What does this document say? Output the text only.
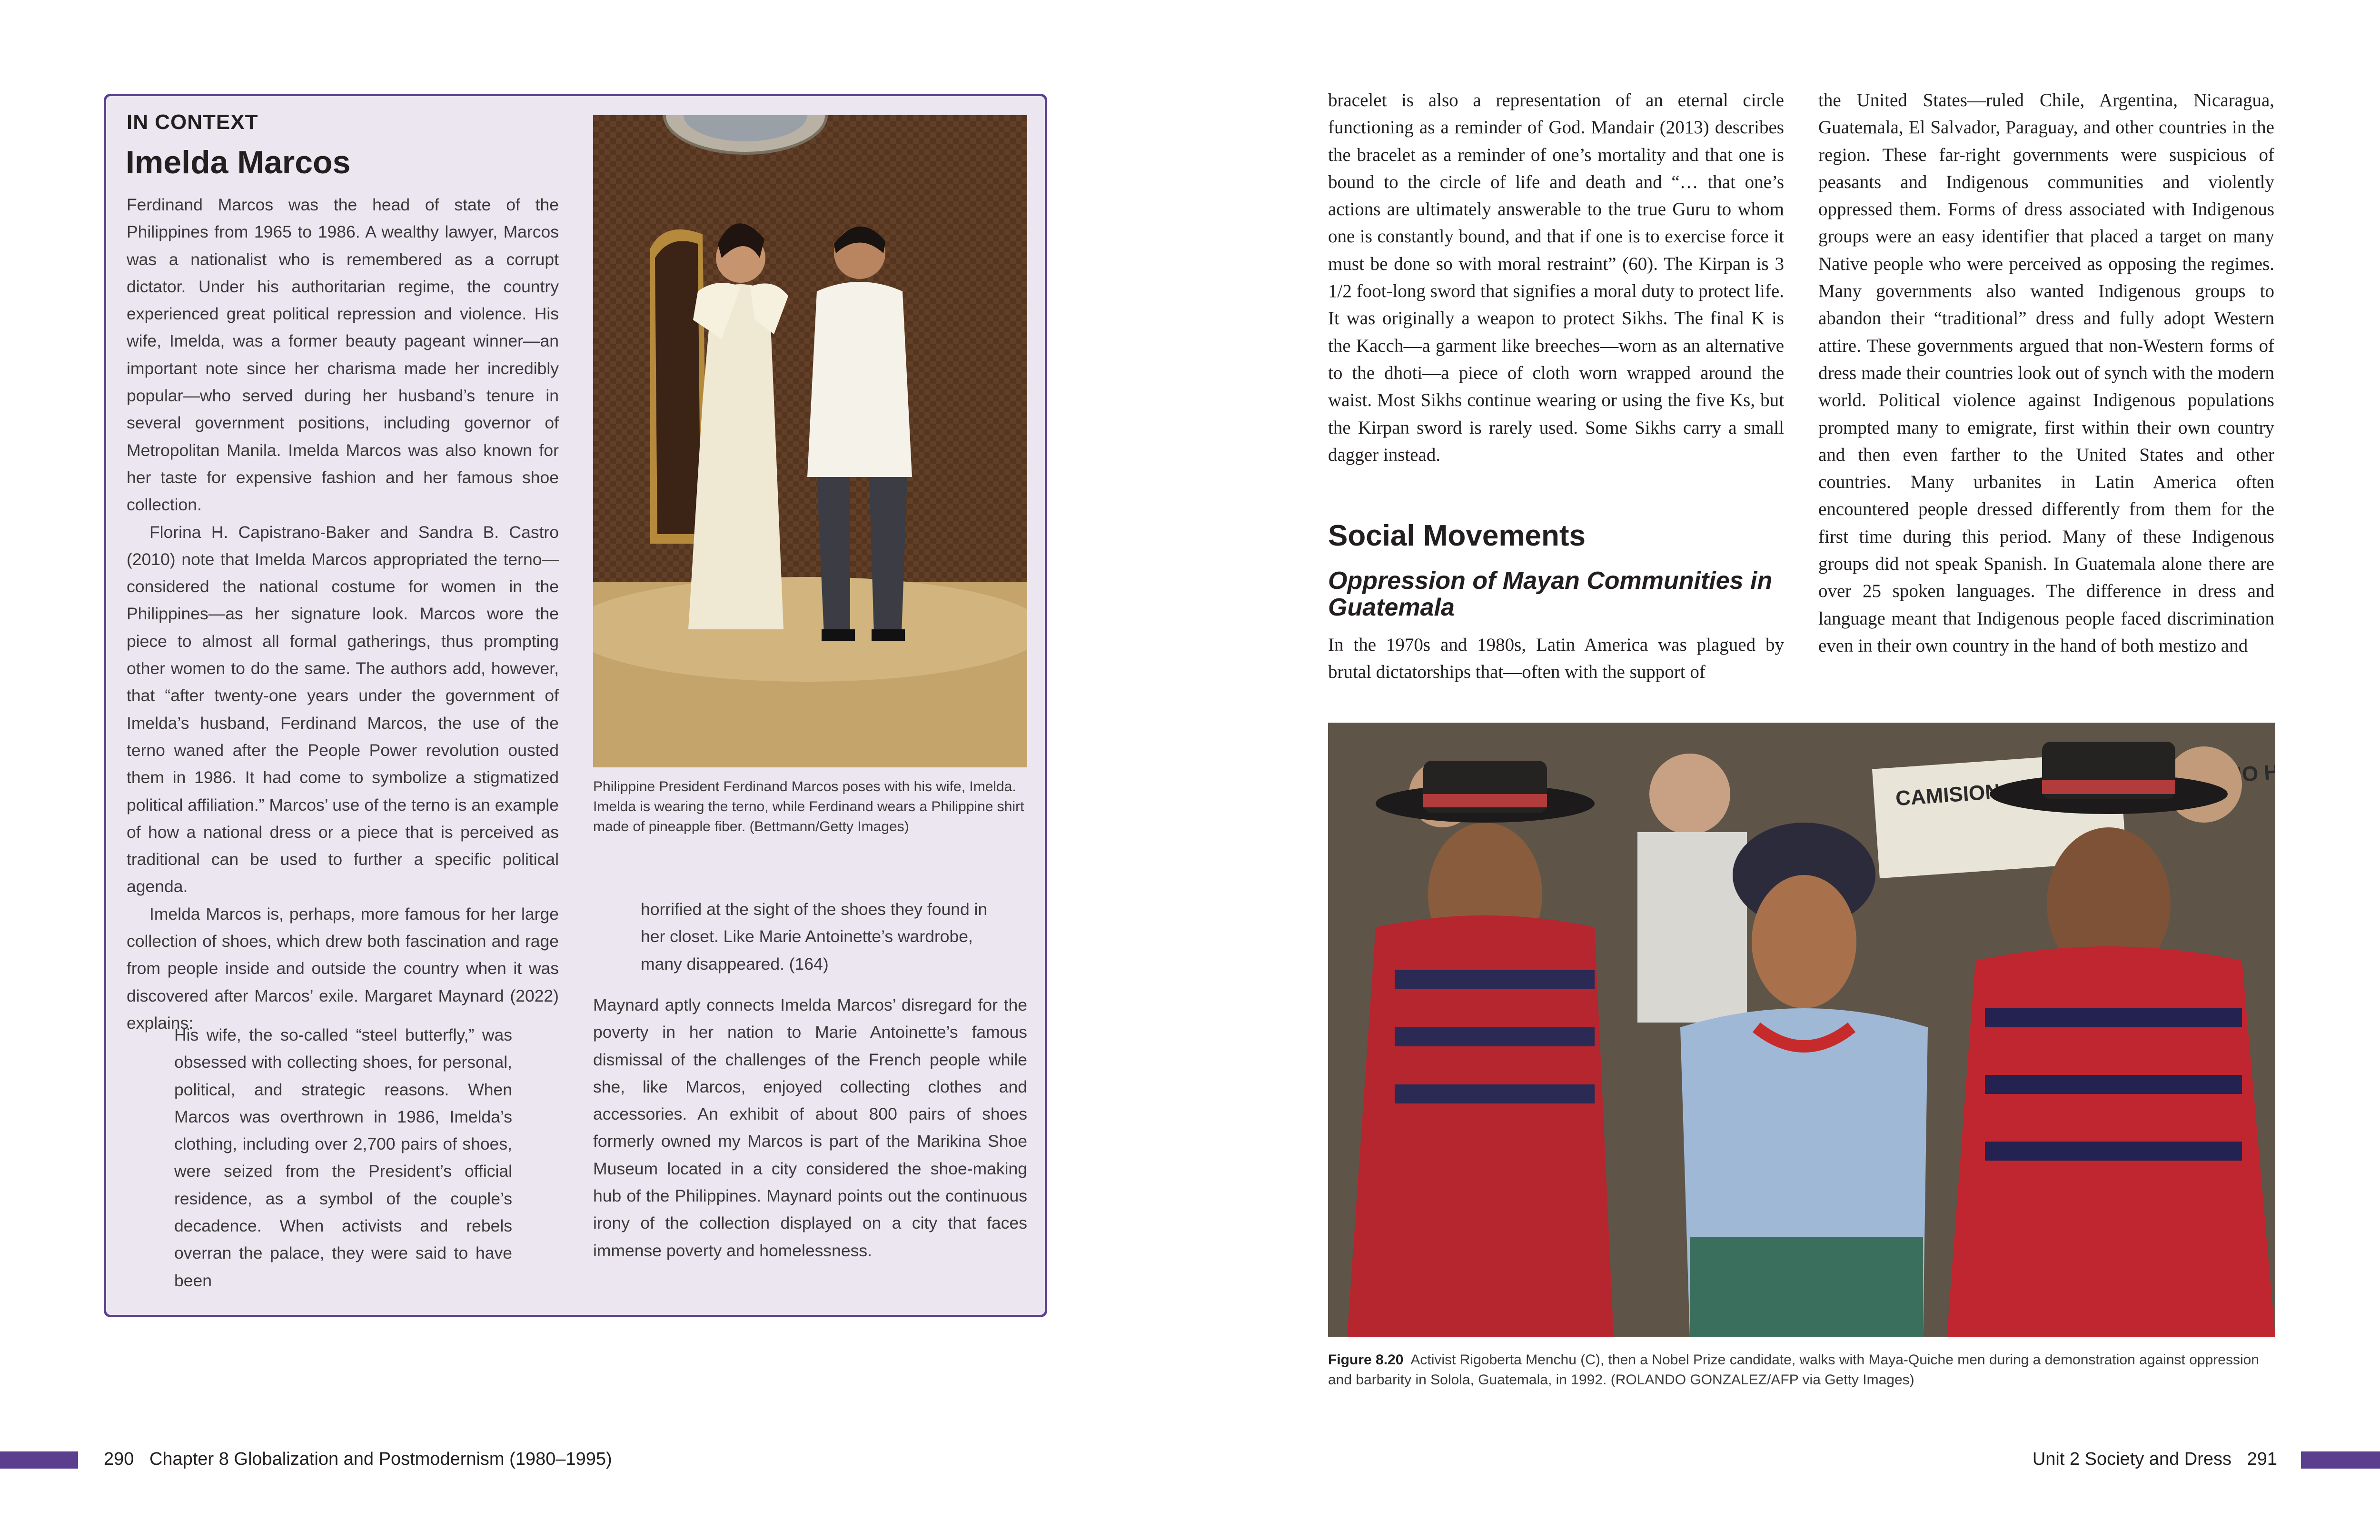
IN CONTEXT
Imelda Marcos

Ferdinand Marcos was the head of state of the Philippines from 1965 to 1986. A wealthy lawyer, Marcos was a nationalist who is remembered as a corrupt dictator. Under his authoritarian regime, the country experienced great political repression and violence. His wife, Imelda, was a former beauty pageant winner—an important note since her charisma made her incredibly popular—who served during her husband’s tenure in several government positions, including governor of Metropolitan Manila. Imelda Marcos was also known for her taste for expensive fashion and her famous shoe collection.

Florina H. Capistrano-Baker and Sandra B. Castro (2010) note that Imelda Marcos appropriated the terno—considered the national costume for women in the Philippines—as her signature look. Marcos wore the piece to almost all formal gatherings, thus prompting other women to do the same. The authors add, however, that “after twenty-one years under the government of Imelda’s husband, Ferdinand Marcos, the use of the terno waned after the People Power revolution ousted them in 1986. It had come to symbolize a stigmatized political affiliation.” Marcos’ use of the terno is an example of how a national dress or a piece that is perceived as traditional can be used to further a specific political agenda.

Imelda Marcos is, perhaps, more famous for her large collection of shoes, which drew both fascination and rage from people inside and outside the country when it was discovered after Marcos’ exile. Margaret Maynard (2022) explains:

His wife, the so-called “steel butterfly,” was obsessed with collecting shoes, for personal, political, and strategic reasons. When Marcos was overthrown in 1986, Imelda’s clothing, including over 2,700 pairs of shoes, were seized from the President’s official residence, as a symbol of the couple’s decadence. When activists and rebels overran the palace, they were said to have been
Philippine President Ferdinand Marcos poses with his wife, Imelda. Imelda is wearing the terno, while Ferdinand wears a Philippine shirt made of pineapple fiber. (Bettmann/Getty Images)
horrified at the sight of the shoes they found in her closet. Like Marie Antoinette’s wardrobe, many disappeared. (164)

Maynard aptly connects Imelda Marcos’ disregard for the poverty in her nation to Marie Antoinette’s famous dismissal of the challenges of the French people while she, like Marcos, enjoyed collecting clothes and accessories. An exhibit of about 800 pairs of shoes formerly owned my Marcos is part of the Marikina Shoe Museum located in a city considered the shoe-making hub of the Philippines. Maynard points out the continuous irony of the collection displayed on a city that faces immense poverty and homelessness.

bracelet is also a representation of an eternal circle functioning as a reminder of God. Mandair (2013) describes the bracelet as a reminder of one’s mortality and that one is bound to the circle of life and death and “… that one’s actions are ultimately answerable to the true Guru to whom one is constantly bound, and that if one is to exercise force it must be done so with moral restraint” (60). The Kirpan is 3 1/2 foot-long sword that signifies a moral duty to protect life. It was originally a weapon to protect Sikhs. The final K is the Kacch—a garment like breeches—worn as an alternative to the dhoti—a piece of cloth worn wrapped around the waist. Most Sikhs continue wearing or using the five Ks, but the Kirpan sword is rarely used. Some Sikhs carry a small dagger instead.

Social Movements
Oppression of Mayan Communities in Guatemala

In the 1970s and 1980s, Latin America was plagued by brutal dictatorships that—often with the support of

the United States—ruled Chile, Argentina, Nicaragua, Guatemala, El Salvador, Paraguay, and other countries in the region. These far-right governments were suspicious of peasants and Indigenous communities and violently oppressed them. Forms of dress associated with Indigenous groups were an easy identifier that placed a target on many Native people who were perceived as opposing the regimes. Many governments also wanted Indigenous groups to abandon their “traditional” dress and fully adopt Western attire. These governments argued that non-Western forms of dress made their countries look out of synch with the modern world. Political violence against Indigenous populations prompted many to emigrate, first within their own country and then even farther to the United States and other countries. Many urbanites in Latin America often encountered people dressed differently from them for the first time during this period. Many of these Indigenous groups did not speak Spanish. In Guatemala alone there are over 25 spoken languages. The difference in dress and language meant that Indigenous people faced discrimination even in their own country in the hand of both mestizo and

CAMISION HUM
Figure 8.20 Activist Rigoberta Menchu (C), then a Nobel Prize candidate, walks with Maya-Quiche men during a demonstration against oppression and barbarity in Solola, Guatemala, in 1992. (ROLANDO GONZALEZ/AFP via Getty Images)
290 Chapter 8 Globalization and Postmodernism (1980–1995)	Unit 2 Society and Dress 291
